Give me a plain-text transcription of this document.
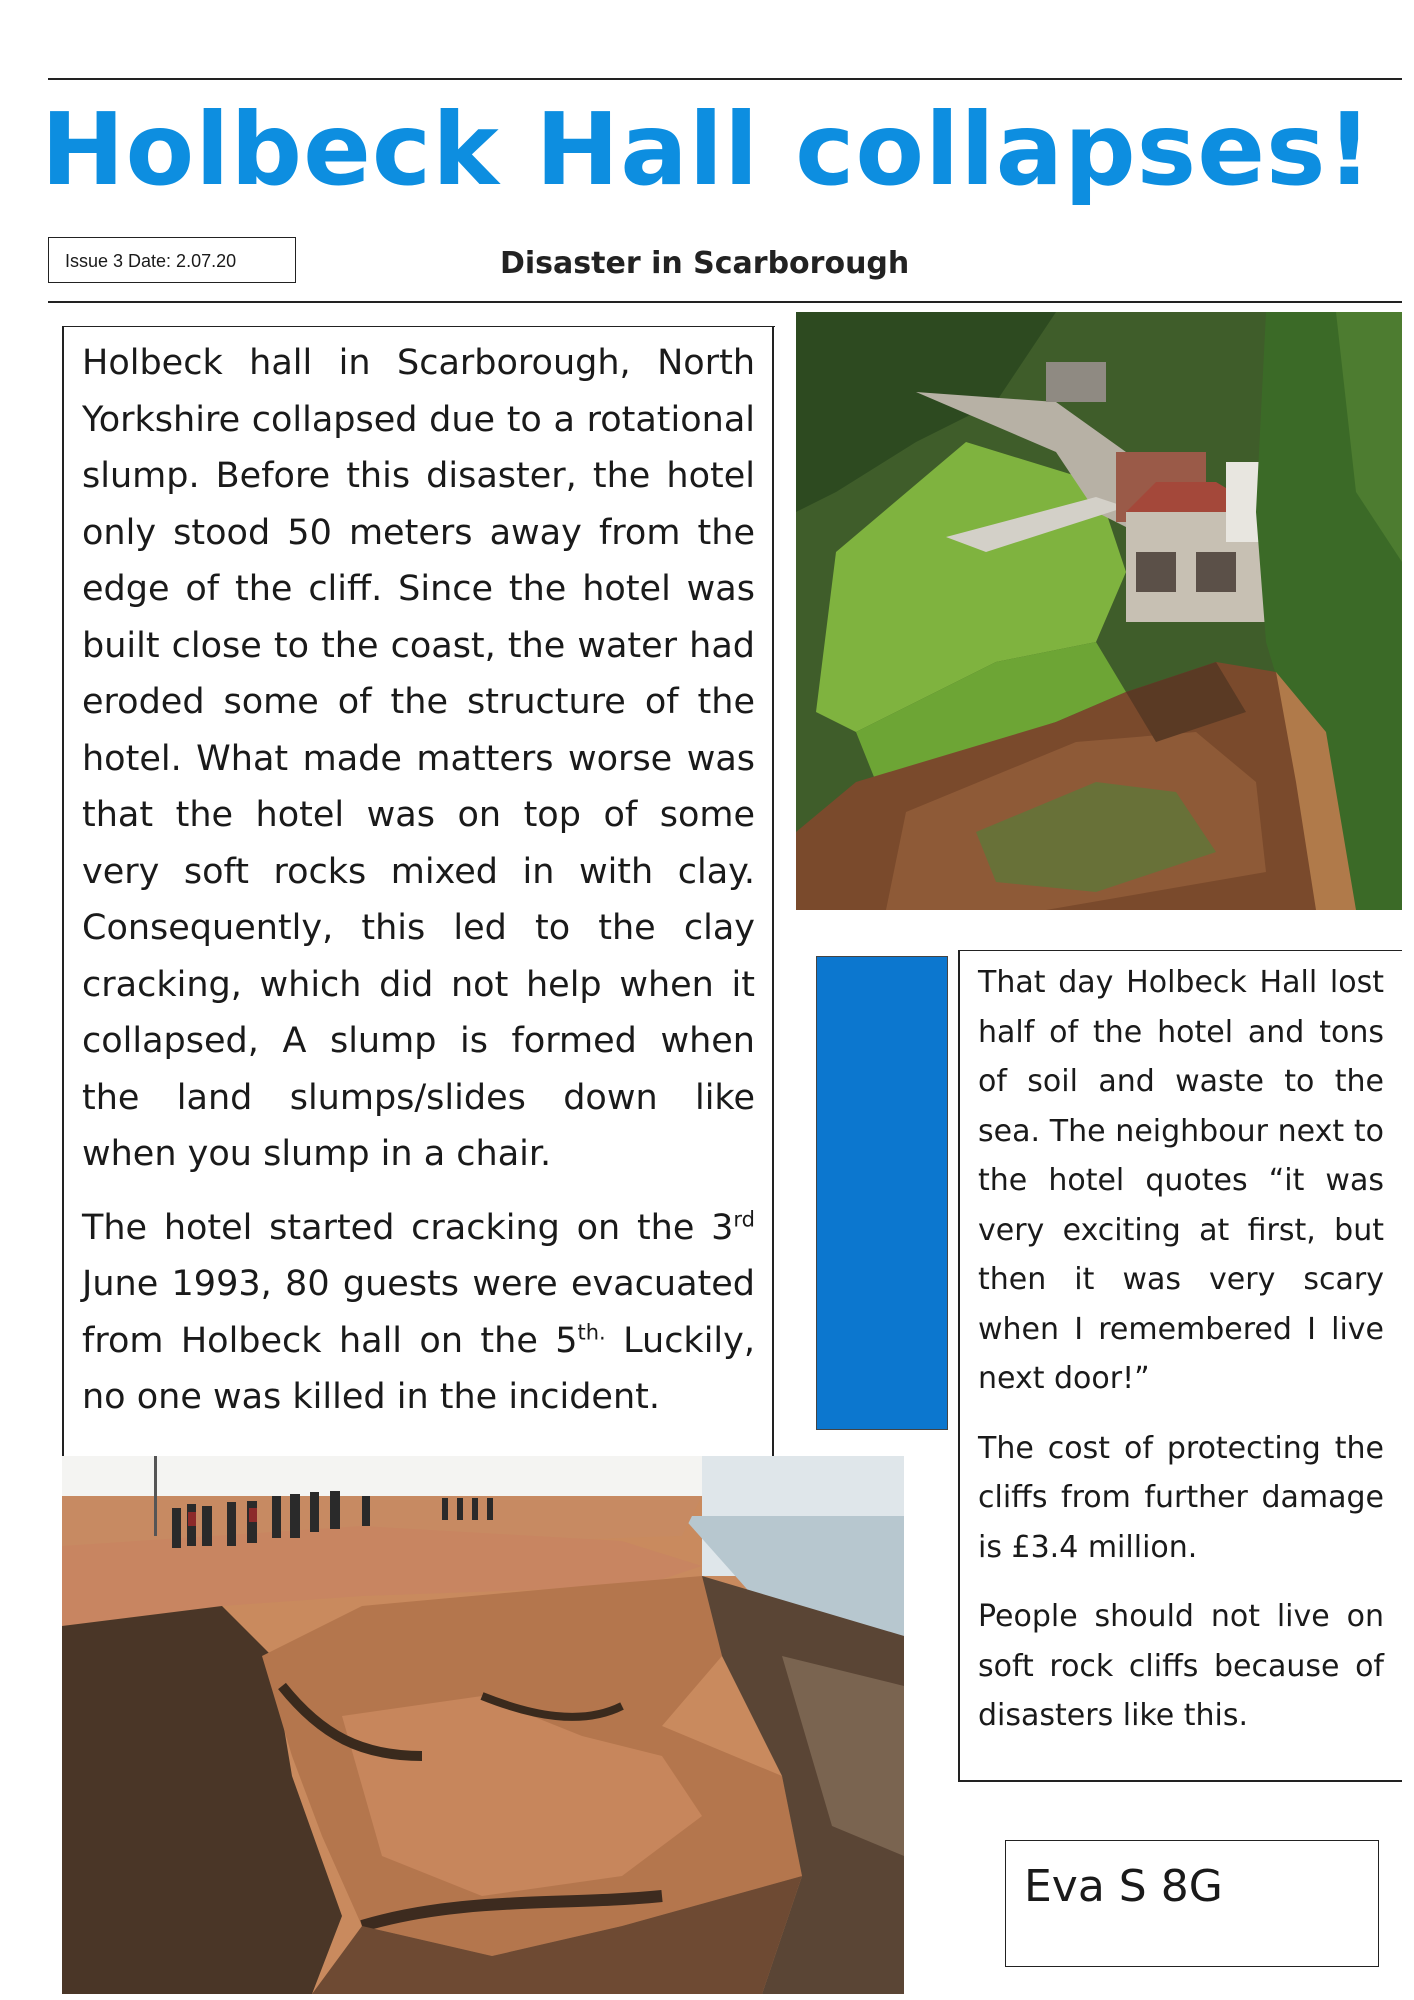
Holbeck Hall collapses!
Issue 3 Date: 2.07.20	Disaster in Scarborough

Holbeck hall in Scarborough, North Yorkshire collapsed due to a rotational slump. Before this disaster, the hotel only stood 50 meters away from the edge of the cliff. Since the hotel was built close to the coast, the water had eroded some of the structure of the hotel. What made matters worse was that the hotel was on top of some very soft rocks mixed in with clay. Consequently, this led to the clay cracking, which did not help when it collapsed, A slump is formed when the land slumps/slides down like when you slump in a chair.

The hotel started cracking on the 3rd June 1993, 80 guests were evacuated from Holbeck hall on the $5^{th.}$ Luckily, no one was killed in the incident.

That day Holbeck Hall lost half of the hotel and tons of soil and waste to the sea. The neighbour next to the hotel quotes “it was very exciting at first, but then it was very scary when I remembered I live next door!”

The cost of protecting the cliffs from further damage is £3.4 million.

People should not live on soft rock cliffs because of disasters like this.

Eva S 8G
